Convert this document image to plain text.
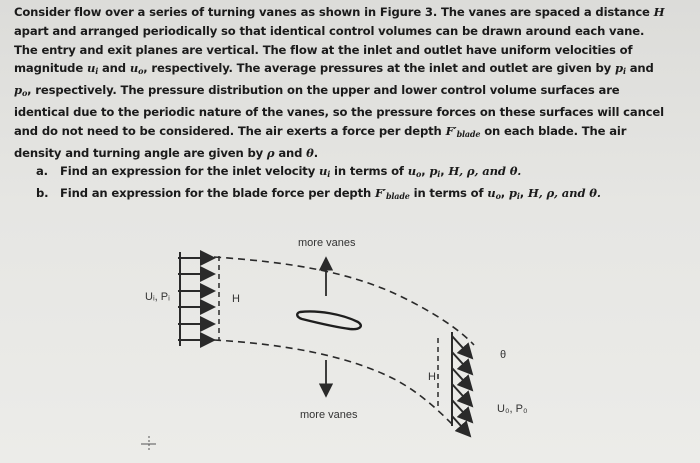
Consider flow over a series of turning vanes as shown in Figure 3. The vanes are spaced a distance H
apart and arranged periodically so that identical control volumes can be drawn around each vane.
The entry and exit planes are vertical. The flow at the inlet and outlet have uniform velocities of
magnitude $u_i$ and $u_o$, respectively. The average pressures at the inlet and outlet are given by $p_i$ and
$p_o$, respectively. The pressure distribution on the upper and lower control volume surfaces are
identical due to the periodic nature of the vanes, so the pressure forces on these surfaces will cancel
and do not need to be considered. The air exerts a force per depth $F'_{blade}$ on each blade. The air
density and turning angle are given by ρ and θ.
a. Find an expression for the inlet velocity $u_i$ in terms of $u_o$, $p_i$, H, ρ, and θ.
b. Find an expression for the blade force per depth $F'_{blade}$ in terms of $u_o$, $p_i$, H, ρ, and θ.
more vanes
more vanes
Uᵢ, Pᵢ	H
H
θ
U₀, P₀
